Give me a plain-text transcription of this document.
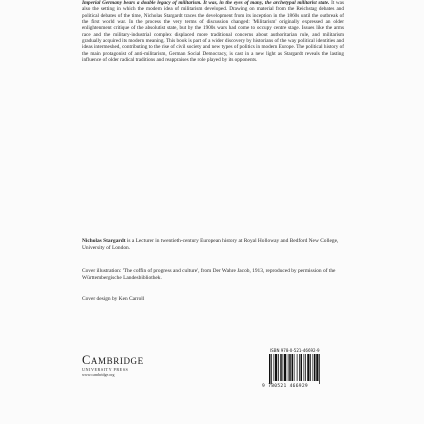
Imperial Germany bears a double legacy of militarism. It was, in the eyes of many, the archetypal militarist state. It was also the setting in which the modern idea of militarism developed. Drawing on material from the Reichstag debates and political debates of the time, Nicholas Stargardt traces the development from its inception in the 1860s until the outbreak of the first world war. In the process the very terms of discussion changed: 'Militarism' originally expressed an older enlightenment critique of the absolutist state, but by the 1900s wars had come to occupy centre stage. Issues like the arms race and the military-industrial complex displaced more traditional concerns about authoritarian rule, and militarism gradually acquired its modern meaning. This book is part of a wider discovery by historians of the way political identities and ideas intermeshed, contributing to the rise of civil society and new types of politics in modern Europe. The political history of the main protagonist of anti-militarism, German Social Democracy, is cast in a new light as Stargardt reveals the lasting influence of older radical traditions and reappraises the role played by its opponents.

Nicholas Stargardt is a Lecturer in twentieth-century European history at Royal Holloway and Bedford New College, University of London.

Cover illustration: 'The coffin of progress and culture', from Der Wahre Jacob, 1913, reproduced by permission of the Württembergische Landesbibliothek.

Cover design by Ken Carroll

Cambridge
UNIVERSITY PRESS
www.cambridge.org
ISBN 978-0-521-46692-9
9 780521 466929
